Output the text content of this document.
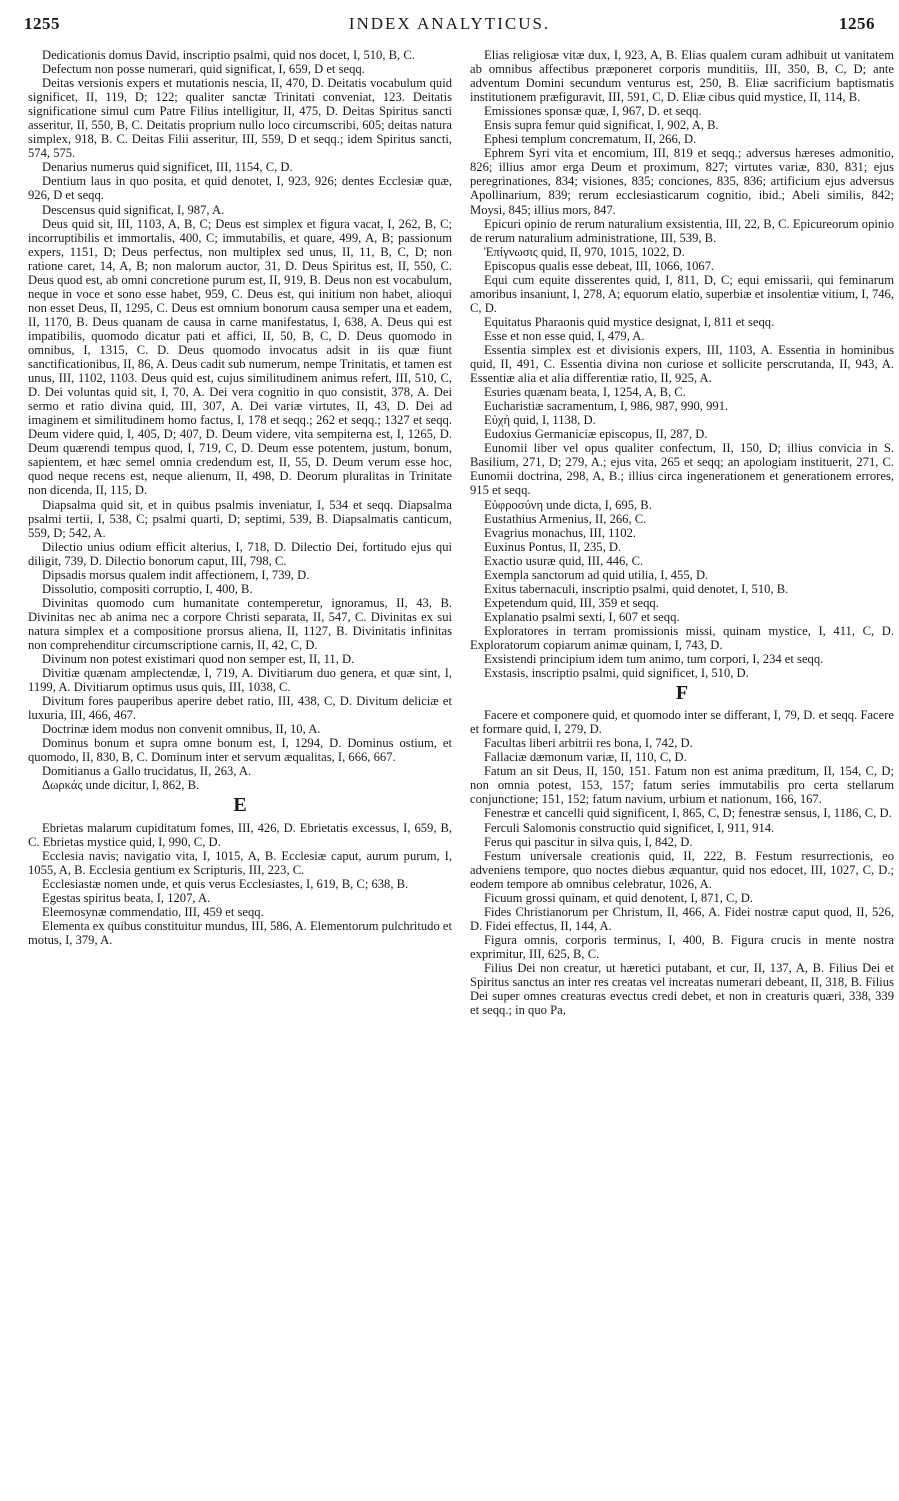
1255	INDEX ANALYTICUS.	1256

Dedicationis domus David, inscriptio psalmi, quid nos docet, I, 510, B, C.

Defectum non posse numerari, quid significat, I, 659, D et seqq.

Deitas versionis expers et mutationis nescia, II, 470, D. Deitatis vocabulum quid significet, II, 119, D; 122; qualiter sanctæ Trinitati conveniat, 123. Deitatis significatione simul cum Patre Filius intelligitur, II, 475, D. Deitas Spiritus sancti asseritur, II, 550, B, C. Deitatis proprium nullo loco circumscribi, 605; deitas natura simplex, 918, B. C. Deitas Filii asseritur, III, 559, D et seqq.; idem Spiritus sancti, 574, 575.

Denarius numerus quid significet, III, 1154, C, D.

Dentium laus in quo posita, et quid denotet, I, 923, 926; dentes Ecclesiæ quæ, 926, D et seqq.

Descensus quid significat, I, 987, A.

Deus quid sit, III, 1103, A, B, C; Deus est simplex et figura vacat, I, 262, B, C; incorruptibilis et immortalis, 400, C; immutabilis, et quare, 499, A, B; passionum expers, 1151, D; Deus perfectus, non multiplex sed unus, II, 11, B, C, D; non ratione caret, 14, A, B; non malorum auctor, 31, D. Deus Spiritus est, II, 550, C. Deus quod est, ab omni concretione purum est, II, 919, B. Deus non est vocabulum, neque in voce et sono esse habet, 959, C. Deus est, qui initium non habet, alioqui non esset Deus, II, 1295, C. Deus est omnium bonorum causa semper una et eadem, II, 1170, B. Deus quanam de causa in carne manifestatus, I, 638, A. Deus qui est impatibilis, quomodo dicatur pati et affici, II, 50, B, C, D. Deus quomodo in omnibus, I, 1315, C. D. Deus quomodo invocatus adsit in iis quæ fiunt sanctificationibus, II, 86, A. Deus cadit sub numerum, nempe Trinitatis, et tamen est unus, III, 1102, 1103. Deus quid est, cujus similitudinem animus refert, III, 510, C, D. Dei voluntas quid sit, I, 70, A. Dei vera cognitio in quo consistit, 378, A. Dei sermo et ratio divina quid, III, 307, A. Dei variæ virtutes, II, 43, D. Dei ad imaginem et similitudinem homo factus, I, 178 et seqq.; 262 et seqq.; 1327 et seqq. Deum videre quid, I, 405, D; 407, D. Deum videre, vita sempiterna est, I, 1265, D. Deum quærendi tempus quod, I, 719, C, D. Deum esse potentem, justum, bonum, sapientem, et hæc semel omnia credendum est, II, 55, D. Deum verum esse hoc, quod neque recens est, neque alienum, II, 498, D. Deorum pluralitas in Trinitate non dicenda, II, 115, D.

Diapsalma quid sit, et in quibus psalmis inveniatur, I, 534 et seqq. Diapsalma psalmi tertii, I, 538, C; psalmi quarti, D; septimi, 539, B. Diapsalmatis canticum, 559, D; 542, A.

Dilectio unius odium efficit alterius, I, 718, D. Dilectio Dei, fortitudo ejus qui diligit, 739, D. Dilectio bonorum caput, III, 798, C.

Dipsadis morsus qualem indit affectionem, I, 739, D.

Dissolutio, compositi corruptio, I, 400, B.

Divinitas quomodo cum humanitate contemperetur, ignoramus, II, 43, B. Divinitas nec ab anima nec a corpore Christi separata, II, 547, C. Divinitas ex sui natura simplex et a compositione prorsus aliena, II, 1127, B. Divinitatis infinitas non comprehenditur circumscriptione carnis, II, 42, C, D.

Divinum non potest existimari quod non semper est, II, 11, D.

Divitiæ quænam amplectendæ, I, 719, A. Divitiarum duo genera, et quæ sint, I, 1199, A. Divitiarum optimus usus quis, III, 1038, C.

Divitum fores pauperibus aperire debet ratio, III, 438, C, D. Divitum deliciæ et luxuria, III, 466, 467.

Doctrinæ idem modus non convenit omnibus, II, 10, A.

Dominus bonum et supra omne bonum est, I, 1294, D. Dominus ostium, et quomodo, II, 830, B, C. Dominum inter et servum æqualitas, I, 666, 667.

Domitianus a Gallo trucidatus, II, 263, A.

Δωρκάς unde dicitur, I, 862, B.

E

Ebrietas malarum cupiditatum fomes, III, 426, D. Ebrietatis excessus, I, 659, B, C. Ebrietas mystice quid, I, 990, C, D.

Ecclesia navis; navigatio vita, I, 1015, A, B. Ecclesiæ caput, aurum purum, I, 1055, A, B. Ecclesia gentium ex Scripturis, III, 223, C.

Ecclesiastæ nomen unde, et quis verus Ecclesiastes, I, 619, B, C; 638, B.

Egestas spiritus beata, I, 1207, A.

Eleemosynæ commendatio, III, 459 et seqq.

Elementa ex quibus constituitur mundus, III, 586, A. Elementorum pulchritudo et motus, I, 379, A.

Elias religiosæ vitæ dux, I, 923, A, B. Elias qualem curam adhibuit ut vanitatem ab omnibus affectibus præponeret corporis munditiis, III, 350, B, C, D; ante adventum Domini secundum venturus est, 250, B. Eliæ sacrificium baptismatis institutionem præfiguravit, III, 591, C, D. Eliæ cibus quid mystice, II, 114, B.

Emissiones sponsæ quæ, I, 967, D. et seqq.

Ensis supra femur quid significat, I, 902, A, B.

Ephesi templum concrematum, II, 266, D.

Ephrem Syri vita et encomium, III, 819 et seqq.; adversus hæreses admonitio, 826; illius amor erga Deum et proximum, 827; virtutes variæ, 830, 831; ejus peregrinationes, 834; visiones, 835; conciones, 835, 836; artificium ejus adversus Apollinarium, 839; rerum ecclesiasticarum cognitio, ibid.; Abeli similis, 842; Moysi, 845; illius mors, 847.

Epicuri opinio de rerum naturalium exsistentia, III, 22, B, C. Epicureorum opinio de rerum naturalium administratione, III, 539, B.

Ἐπίγνωσις quid, II, 970, 1015, 1022, D.

Episcopus qualis esse debeat, III, 1066, 1067.

Equi cum equite disserentes quid, I, 811, D, C; equi emissarii, qui feminarum amoribus insaniunt, I, 278, A; equorum elatio, superbiæ et insolentiæ vitium, I, 746, C, D.

Equitatus Pharaonis quid mystice designat, I, 811 et seqq.

Esse et non esse quid, I, 479, A.

Essentia simplex est et divisionis expers, III, 1103, A. Essentia in hominibus quid, II, 491, C. Essentia divina non curiose et sollicite perscrutanda, II, 943, A. Essentiæ alia et alia differentiæ ratio, II, 925, A.

Esuries quænam beata, I, 1254, A, B, C.

Eucharistiæ sacramentum, I, 986, 987, 990, 991.

Εὐχή quid, I, 1138, D.

Eudoxius Germaniciæ episcopus, II, 287, D.

Eunomii liber vel opus qualiter confectum, II, 150, D; illius convicia in S. Basilium, 271, D; 279, A.; ejus vita, 265 et seqq; an apologiam instituerit, 271, C. Eunomii doctrina, 298, A, B.; illius circa ingenerationem et generationem errores, 915 et seqq.

Εὐφροσύνη unde dicta, I, 695, B.

Eustathius Armenius, II, 266, C.

Evagrius monachus, III, 1102.

Euxinus Pontus, II, 235, D.

Exactio usuræ quid, III, 446, C.

Exempla sanctorum ad quid utilia, I, 455, D.

Exitus tabernaculi, inscriptio psalmi, quid denotet, I, 510, B.

Expetendum quid, III, 359 et seqq.

Explanatio psalmi sexti, I, 607 et seqq.

Exploratores in terram promissionis missi, quinam mystice, I, 411, C, D. Exploratorum copiarum animæ quinam, I, 743, D.

Exsistendi principium idem tum animo, tum corpori, I, 234 et seqq.

Exstasis, inscriptio psalmi, quid significet, I, 510, D.

F

Facere et componere quid, et quomodo inter se differant, I, 79, D. et seqq. Facere et formare quid, I, 279, D.

Facultas liberi arbitrii res bona, I, 742, D.

Fallaciæ dæmonum variæ, II, 110, C, D.

Fatum an sit Deus, II, 150, 151. Fatum non est anima præditum, II, 154, C, D; non omnia potest, 153, 157; fatum series immutabilis pro certa stellarum conjunctione; 151, 152; fatum navium, urbium et nationum, 166, 167.

Fenestræ et cancelli quid significent, I, 865, C, D; fenestræ sensus, I, 1186, C, D.

Ferculi Salomonis constructio quid significet, I, 911, 914.

Ferus qui pascitur in silva quis, I, 842, D.

Festum universale creationis quid, II, 222, B. Festum resurrectionis, eo adveniens tempore, quo noctes diebus æquantur, quid nos edocet, III, 1027, C, D.; eodem tempore ab omnibus celebratur, 1026, A.

Ficuum grossi quinam, et quid denotent, I, 871, C, D.

Fides Christianorum per Christum, II, 466, A. Fidei nostræ caput quod, II, 526, D. Fidei effectus, II, 144, A.

Figura omnis, corporis terminus, I, 400, B. Figura crucis in mente nostra exprimitur, III, 625, B, C.

Filius Dei non creatur, ut hæretici putabant, et cur, II, 137, A, B. Filius Dei et Spiritus sanctus an inter res creatas vel increatas numerari debeant, II, 318, B. Filius Dei super omnes creaturas evectus credi debet, et non in creaturis quæri, 338, 339 et seqq.; in quo Pa,
